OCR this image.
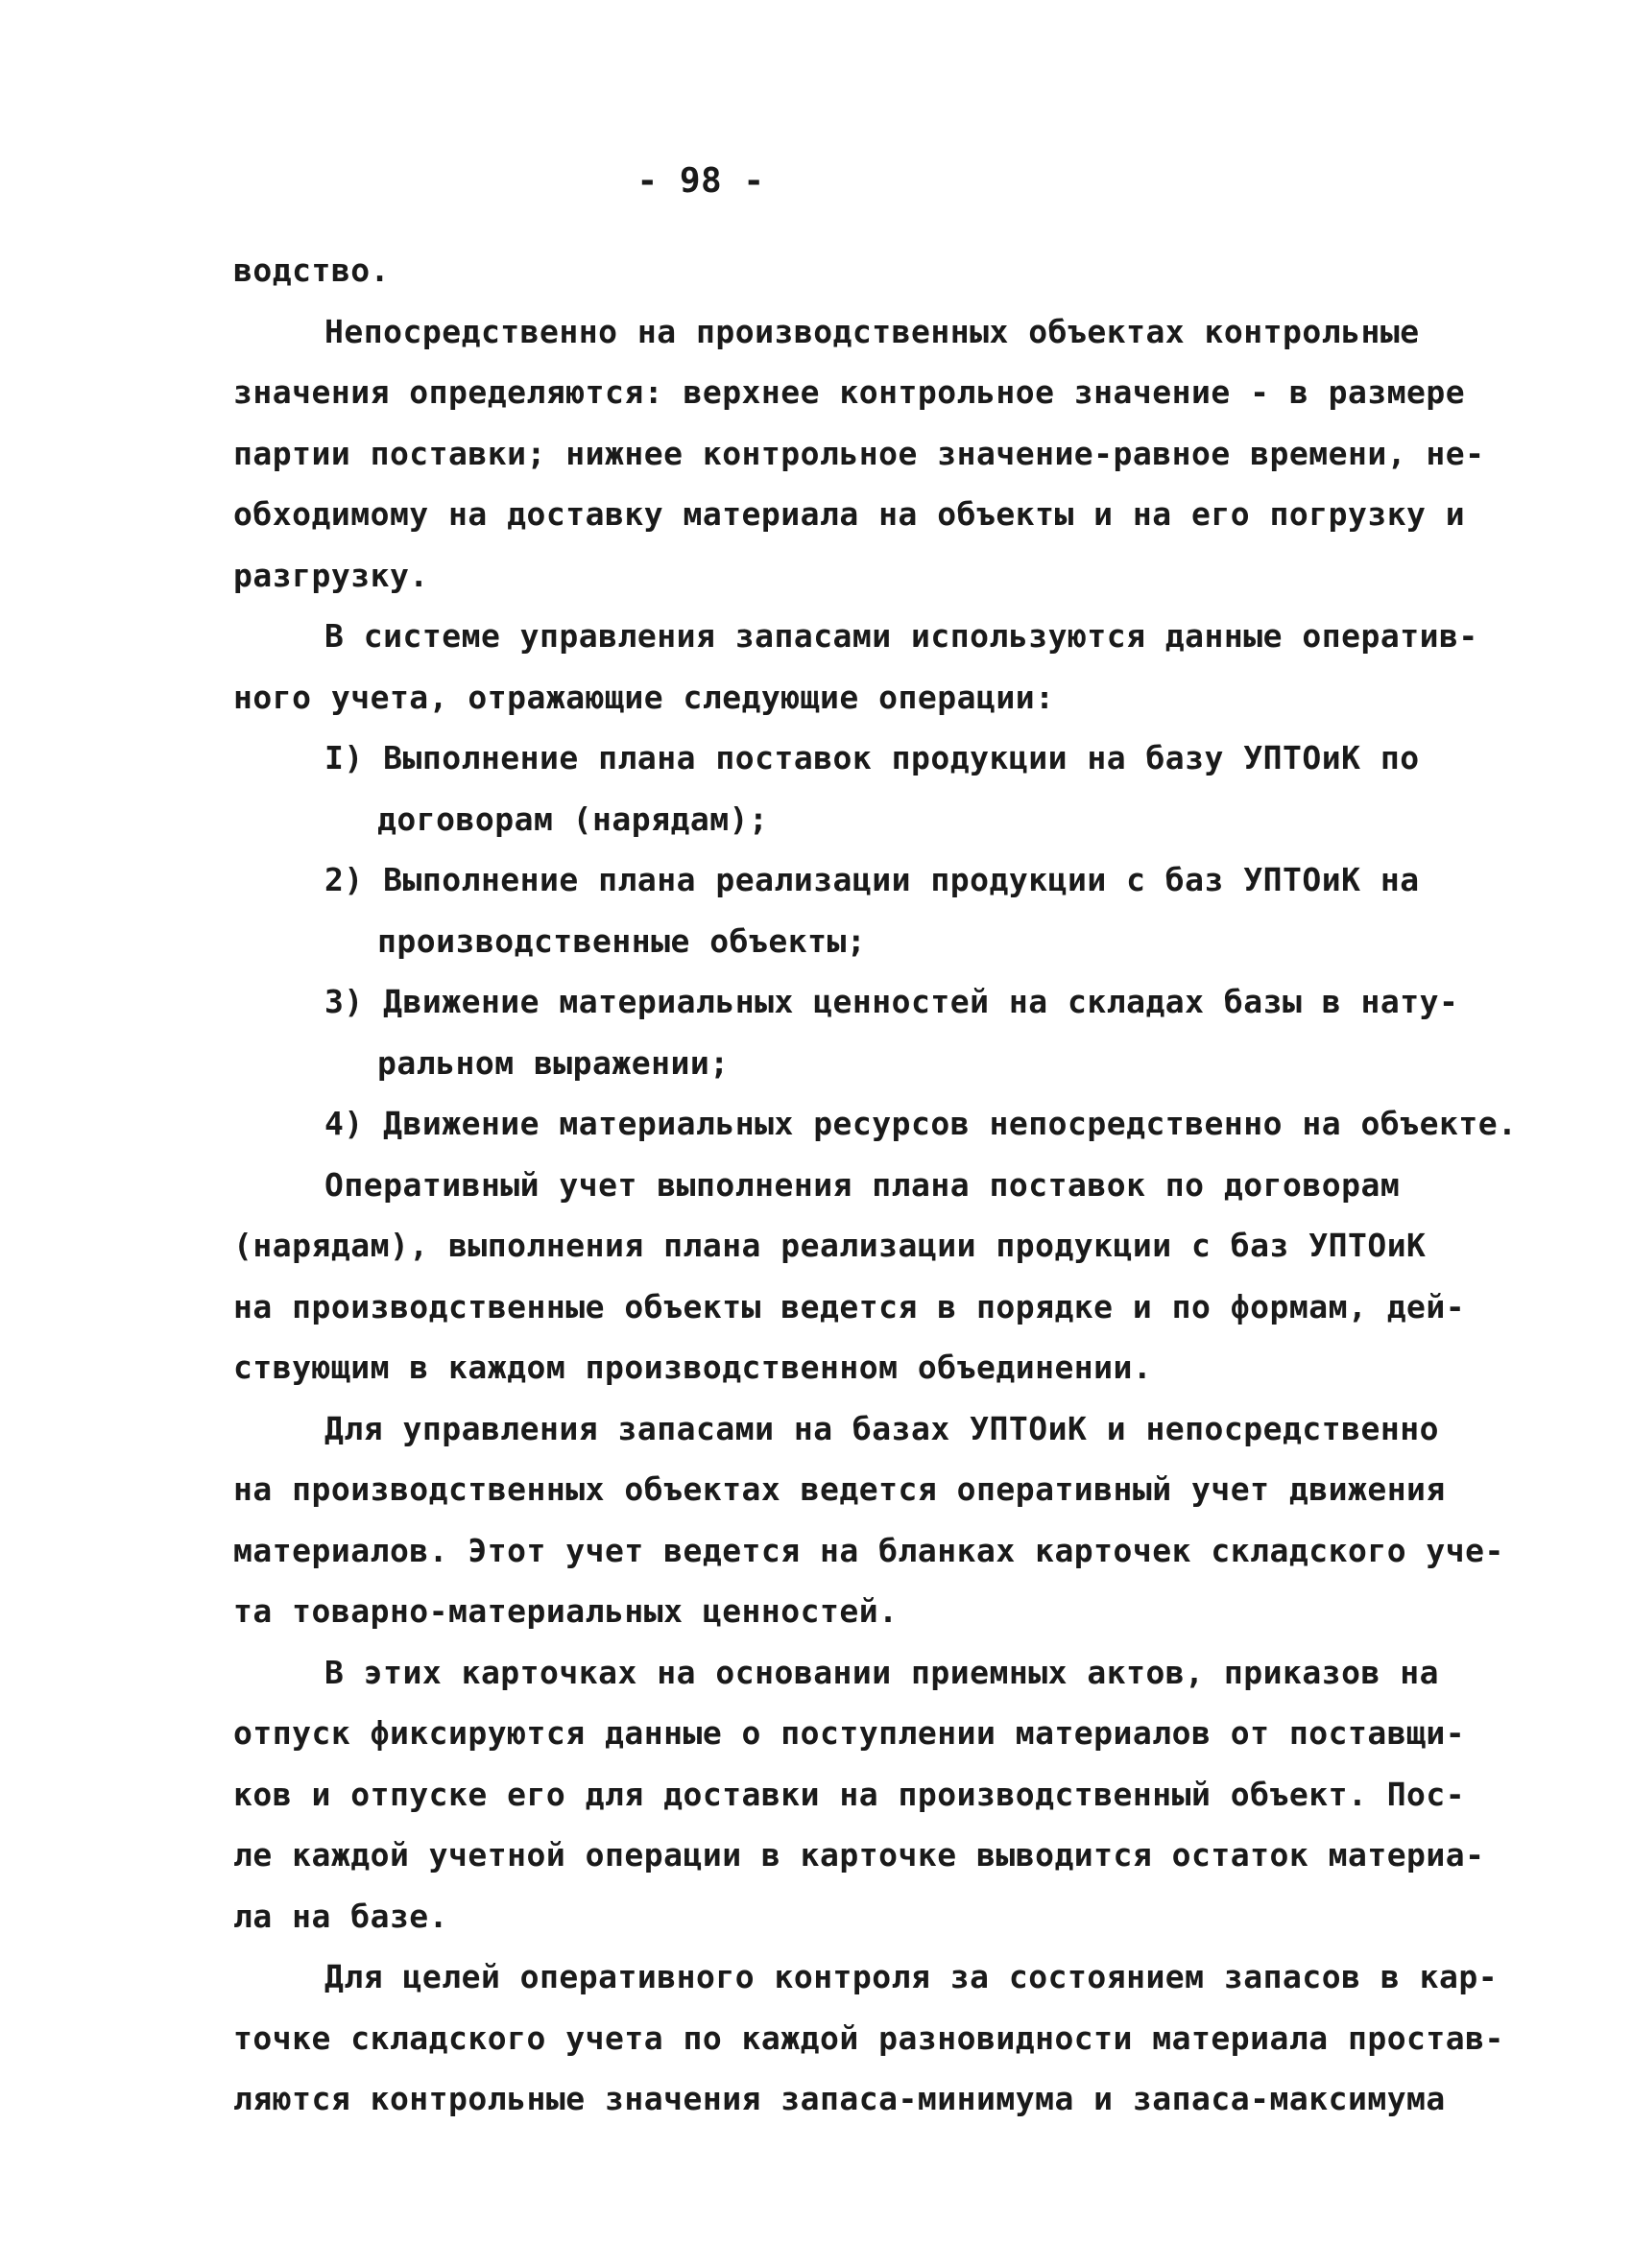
- 98 -
водство.
Непосредственно на производственных объектах контрольные
значения определяются: верхнее контрольное значение - в размере
партии поставки; нижнее контрольное значение-равное времени, не-
обходимому на доставку материала на объекты и на его погрузку и
разгрузку.
В системе управления запасами используются данные оператив-
ного учета, отражающие следующие операции:
I) Выполнение плана поставок продукции на базу УПТОиК по
договорам (нарядам);
2) Выполнение плана реализации продукции с баз УПТОиК на
производственные объекты;
3) Движение материальных ценностей на складах базы в нату-
ральном выражении;
4) Движение материальных ресурсов непосредственно на объекте.
Оперативный учет выполнения плана поставок по договорам
(нарядам), выполнения плана реализации продукции с баз УПТОиК
на производственные объекты ведется в порядке и по формам, дей-
ствующим в каждом производственном объединении.
Для управления запасами на базах УПТОиК и непосредственно
на производственных объектах ведется оперативный учет движения
материалов. Этот учет ведется на бланках карточек складского уче-
та товарно-материальных ценностей.
В этих карточках на основании приемных актов, приказов на
отпуск фиксируются данные о поступлении материалов от поставщи-
ков и отпуске его для доставки на производственный объект. Пос-
ле каждой учетной операции в карточке выводится остаток материа-
ла на базе.
Для целей оперативного контроля за состоянием запасов в кар-
точке складского учета по каждой разновидности материала простав-
ляются контрольные значения запаса-минимума и запаса-максимума
